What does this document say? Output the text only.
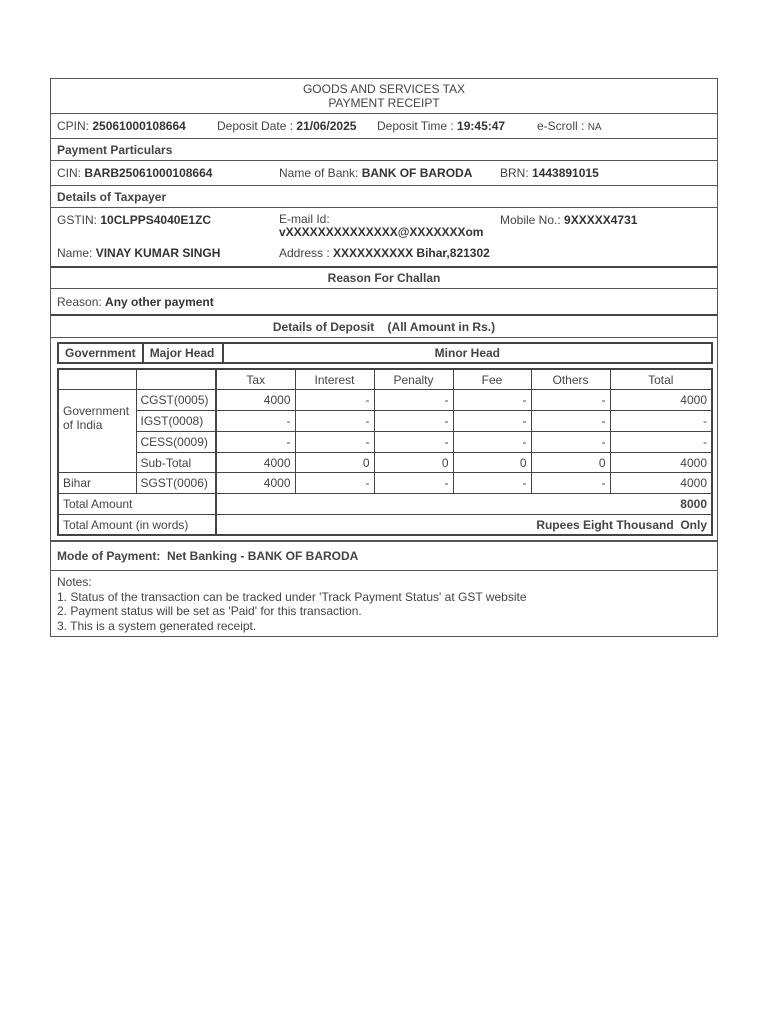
GOODS AND SERVICES TAX
PAYMENT RECEIPT
CPIN: 25061000108664	Deposit Date : 21/06/2025 Deposit Time : 19:45:47	e-Scroll : NA
Payment Particulars
CIN: BARB25061000108664	Name of Bank: BANK OF BARODA BRN: 1443891015
Details of Taxpayer
GSTIN: 10CLPPS4040E1ZC	E-mail Id:
vXXXXXXXXXXXXXX@XXXXXXXom
Mobile No.: 9XXXXX4731
Name: VINAY KUMAR SINGH	Address : XXXXXXXXXX Bihar,821302
Reason For Challan
Reason:
Any other payment
Details of Deposit    (All Amount in Rs.)
Government	Major Head	Minor Head
		Tax	Interest	Penalty	Fee	Others	Total
Government of India	CGST(0005)	4000	-	-	-	-	4000
	IGST(0008)	-	-	-	-	-	-
	CESS(0009)	-	-	-	-	-	-
	Sub-Total	4000	0	0	0	0	4000
Bihar	SGST(0006)	4000	-	-	-	-	4000
Total Amount		8000					
Total Amount (in words)		Rupees Eight Thousand  Only					
Mode of Payment:
Net Banking - BANK OF BARODA
Notes:
1. Status of the transaction can be tracked under 'Track Payment Status' at GST website
2. Payment status will be set as 'Paid' for this transaction.
3. This is a system generated receipt.
